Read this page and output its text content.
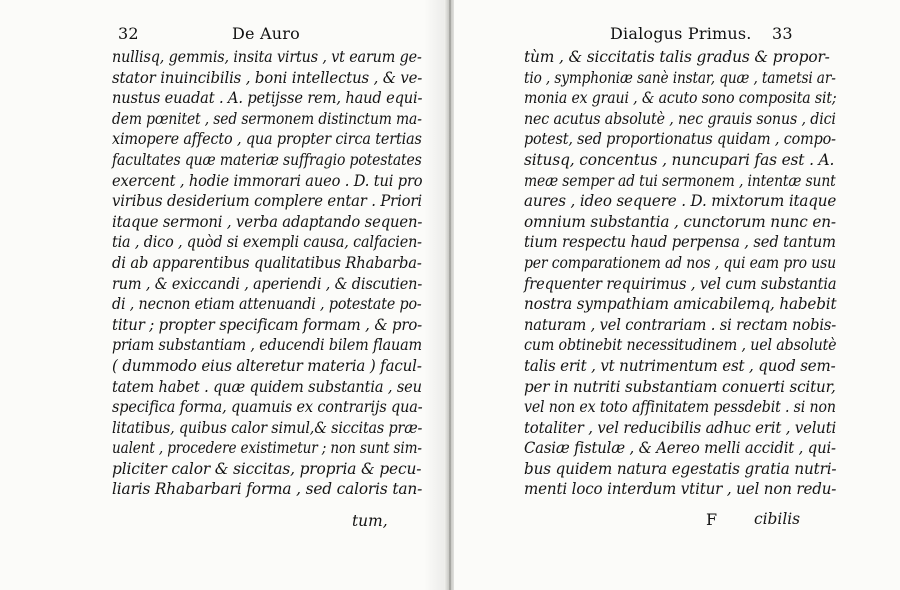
32	De Auro
nullisq, gemmis, insita virtus , vt earum ge-
stator inuincibilis , boni intellectus , & ve-
nustus euadat . A. petijsse rem, haud equi-
dem pœnitet , sed sermonem distinctum ma-
ximopere affecto , qua propter circa tertias
facultates quæ materiæ suffragio potestates
exercent , hodie immorari aueo . D. tui pro
viribus desiderium complere entar . Priori
itaque sermoni , verba adaptando sequen-
tia , dico , quòd si exempli causa, calfacien-
di ab apparentibus qualitatibus Rhabarba-
rum , & exiccandi , aperiendi , & discutien-
di , necnon etiam attenuandi , potestate po-
titur ; propter specificam formam , & pro-
priam substantiam , educendi bilem flauam
( dummodo eius alteretur materia ) facul-
tatem habet . quæ quidem substantia , seu
specifica forma, quamuis ex contrarijs qua-
litatibus, quibus calor simul,& siccitas præ-
ualent , procedere existimetur ; non sunt sim-
pliciter calor & siccitas, propria & pecu-
liaris Rhabarbari forma , sed caloris tan-
tum,
Dialogus Primus. 33
tùm , & siccitatis talis gradus & propor-
tio , symphoniæ sanè instar, quæ , tametsi ar-
monia ex graui , & acuto sono composita sit;
nec acutus absolutè , nec grauis sonus , dici
potest, sed proportionatus quidam , compo-
situsq, concentus , nuncupari fas est . A.
meæ semper ad tui sermonem , intentæ sunt
aures , ideo sequere . D. mixtorum itaque
omnium substantia , cunctorum nunc en-
tium respectu haud perpensa , sed tantum
per comparationem ad nos , qui eam pro usu
frequenter requirimus , vel cum substantia
nostra sympathiam amicabilemq, habebit
naturam , vel contrariam . si rectam nobis-
cum obtinebit necessitudinem , uel absolutè
talis erit , vt nutrimentum est , quod sem-
per in nutriti substantiam conuerti scitur,
vel non ex toto affinitatem pessdebit . si non
totaliter , vel reducibilis adhuc erit , veluti
Casiæ fistulæ , & Aereo melli accidit , qui-
bus quidem natura egestatis gratia nutri-
menti loco interdum vtitur , uel non redu-
F cibilis
